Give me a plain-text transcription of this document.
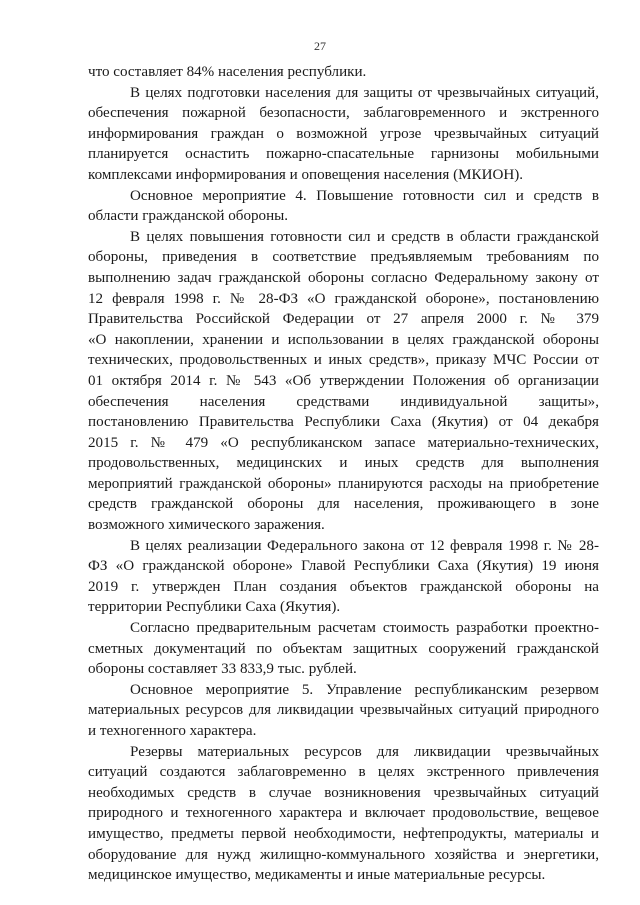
27

что составляет 84% населения республики.

В целях подготовки населения для защиты от чрезвычайных ситуаций,
обеспечения пожарной безопасности, заблаговременного и экстренного
информирования граждан о возможной угрозе чрезвычайных ситуаций
планируется оснастить пожарно-спасательные гарнизоны мобильными
комплексами информирования и оповещения населения (МКИОН).

Основное мероприятие 4. Повышение готовности сил и средств в
области гражданской обороны.

В целях повышения готовности сил и средств в области гражданской
обороны, приведения в соответствие предъявляемым требованиям по
выполнению задач гражданской обороны согласно Федеральному закону от
12 февраля 1998 г. № 28-ФЗ «О гражданской обороне», постановлению
Правительства Российской Федерации от 27 апреля 2000 г. № 379
«О накоплении, хранении и использовании в целях гражданской обороны
технических, продовольственных и иных средств», приказу МЧС России от
01 октября 2014 г. № 543 «Об утверждении Положения об организации
обеспечения населения средствами индивидуальной защиты»,
постановлению Правительства Республики Саха (Якутия) от 04 декабря
2015 г. № 479 «О республиканском запасе материально-технических,
продовольственных, медицинских и иных средств для выполнения
мероприятий гражданской обороны» планируются расходы на приобретение
средств гражданской обороны для населения, проживающего в зоне
возможного химического заражения.

В целях реализации Федерального закона от 12 февраля 1998 г. № 28-
ФЗ «О гражданской обороне» Главой Республики Саха (Якутия) 19 июня
2019 г. утвержден План создания объектов гражданской обороны на
территории Республики Саха (Якутия).

Согласно предварительным расчетам стоимость разработки проектно-
сметных документаций по объектам защитных сооружений гражданской
обороны составляет 33 833,9 тыс. рублей.

Основное мероприятие 5. Управление республиканским резервом
материальных ресурсов для ликвидации чрезвычайных ситуаций природного
и техногенного характера.

Резервы материальных ресурсов для ликвидации чрезвычайных
ситуаций создаются заблаговременно в целях экстренного привлечения
необходимых средств в случае возникновения чрезвычайных ситуаций
природного и техногенного характера и включает продовольствие, вещевое
имущество, предметы первой необходимости, нефтепродукты, материалы и
оборудование для нужд жилищно-коммунального хозяйства и энергетики,
медицинское имущество, медикаменты и иные материальные ресурсы.
